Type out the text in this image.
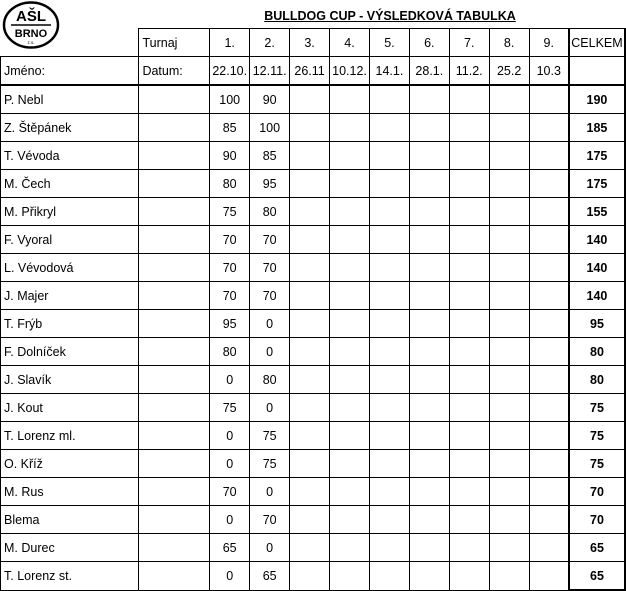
AŠL
BRNO
z.s.
BULLDOG CUP - VÝSLEDKOVÁ TABULKA
	Turnaj	1.	2.	3.	4.	5.	6.	7.	8.	9.	CELKEM
Jméno:	Datum:	22.10.	12.11.	26.11	10.12.	14.1.	28.1.	11.2.	25.2	10.3	
P. Nebl		100	90								190
Z. Štěpánek		85	100								185
T. Vévoda		90	85								175
M. Čech		80	95								175
M. Přikryl		75	80								155
F. Vyoral		70	70								140
L. Vévodová		70	70								140
J. Majer		70	70								140
T. Frýb		95	0								95
F. Dolníček		80	0								80
J. Slavík		0	80								80
J. Kout		75	0								75
T. Lorenz ml.		0	75								75
O. Kříž		0	75								75
M. Rus		70	0								70
Blema		0	70								70
M. Durec		65	0								65
T. Lorenz st.		0	65								65
